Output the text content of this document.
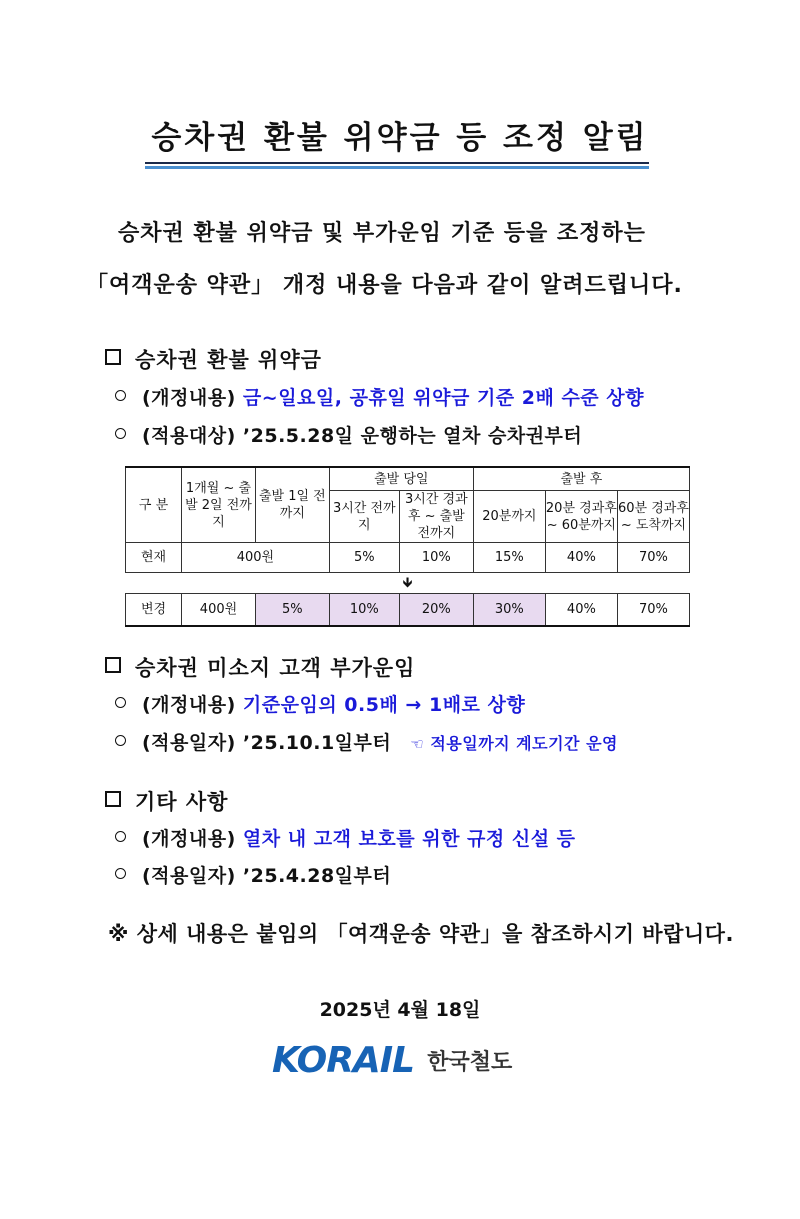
승차권 환불 위약금 등 조정 알림
승차권 환불 위약금 및 부가운임 기준 등을 조정하는
「여객운송 약관」 개정 내용을 다음과 같이 알려드립니다.
승차권 환불 위약금
(개정내용) 금~일요일, 공휴일 위약금 기준 2배 수준 상향
(적용대상) ’25.5.28일 운행하는 열차 승차권부터
구 분	1개월 ~ 출발 2일 전까지	출발 1일 전까지	출발 당일		출발 후		
			3시간 전까지	3시간 경과후 ~ 출발 전까지	20분까지	20분 경과후 ~ 60분까지	60분 경과후 ~ 도착까지
현재	400원		5%	10%	15%	40%	70%
🡻							
변경	400원	5%	10%	20%	30%	40%	70%
승차권 미소지 고객 부가운임
(개정내용) 기준운임의 0.5배 → 1배로 상향
(적용일자) ’25.10.1일부터 ☜ 적용일까지 계도기간 운영
기타 사항
(개정내용) 열차 내 고객 보호를 위한 규정 신설 등
(적용일자) ’25.4.28일부터
※ 상세 내용은 붙임의 「여객운송 약관」을 참조하시기 바랍니다.
2025년 4월 18일
KORAIL 한국철도
